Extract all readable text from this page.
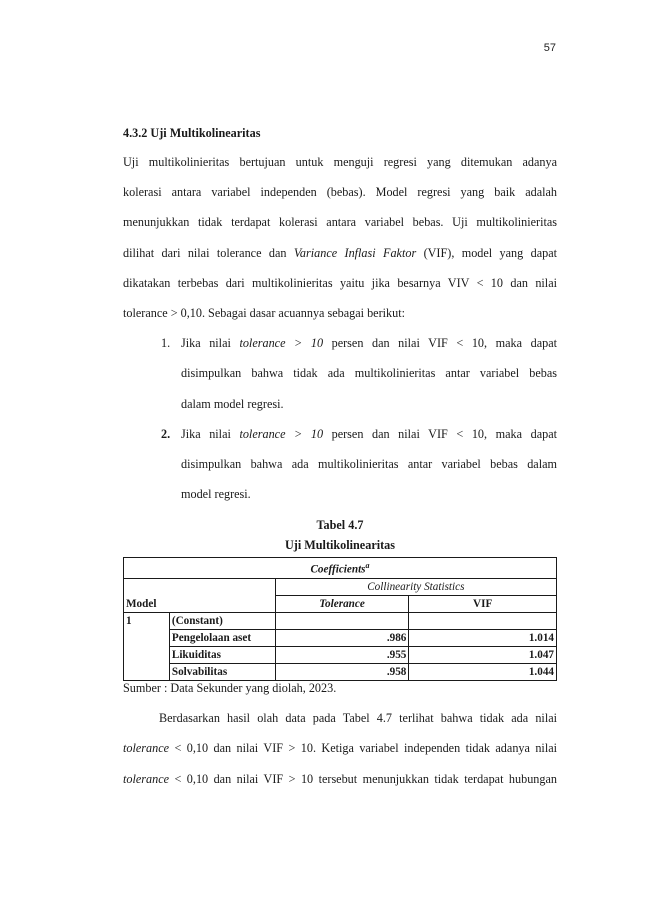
57
4.3.2 Uji Multikolinearitas
Uji multikolinieritas bertujuan untuk menguji regresi yang ditemukan adanya
kolerasi antara variabel independen (bebas). Model regresi yang baik adalah
menunjukkan tidak terdapat kolerasi antara variabel bebas. Uji multikolinieritas
dilihat dari nilai tolerance dan Variance Inflasi Faktor (VIF), model yang dapat
dikatakan terbebas dari multikolinieritas yaitu jika besarnya VIV < 10 dan nilai
tolerance > 0,10. Sebagai dasar acuannya sebagai berikut:
1. Jika nilai tolerance > 10 persen dan nilai VIF < 10, maka dapat
disimpulkan bahwa tidak ada multikolinieritas antar variabel bebas
dalam model regresi.
2. Jika nilai tolerance > 10 persen dan nilai VIF < 10, maka dapat
disimpulkan bahwa ada multikolinieritas antar variabel bebas dalam
model regresi.
Tabel 4.7
Uji Multikolinearitas
Coefficients$^a$
		Collinearity Statistics	
Model		Tolerance	VIF
1	(Constant)		
	Pengelolaan aset	.986	1.014
	Likuiditas	.955	1.047
	Solvabilitas	.958	1.044
Sumber : Data Sekunder yang diolah, 2023.
Berdasarkan hasil olah data pada Tabel 4.7 terlihat bahwa tidak ada nilai
tolerance < 0,10 dan nilai VIF > 10. Ketiga variabel independen tidak adanya nilai
tolerance < 0,10 dan nilai VIF > 10 tersebut menunjukkan tidak terdapat hubungan
